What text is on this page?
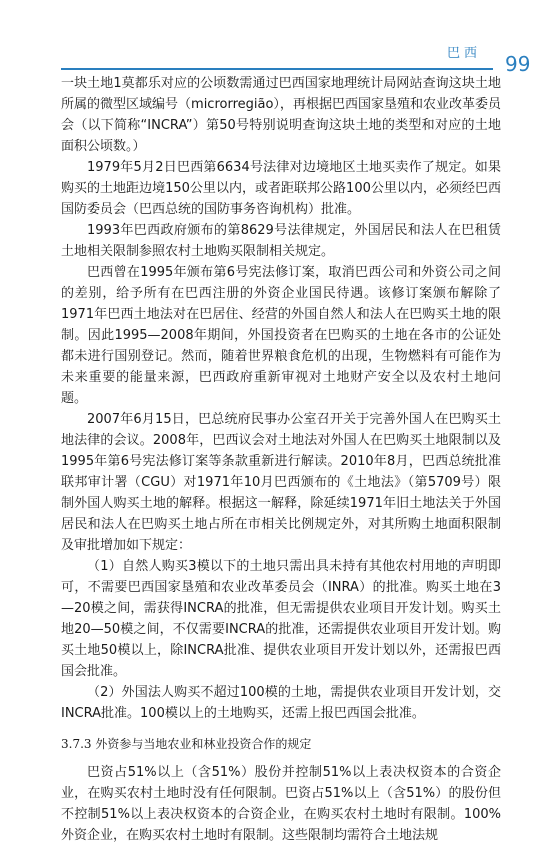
巴西 99

一块土地1莫都乐对应的公顷数需通过巴西国家地理统计局网站查询这块土地所属的微型区域编号（microrregião），再根据巴西国家垦殖和农业改革委员会（以下简称“INCRA”）第50号特别说明查询这块土地的类型和对应的土地面积公顷数。）

1979年5月2日巴西第6634号法律对边境地区土地买卖作了规定。如果购买的土地距边境150公里以内，或者距联邦公路100公里以内，必须经巴西国防委员会（巴西总统的国防事务咨询机构）批准。

1993年巴西政府颁布的第8629号法律规定，外国居民和法人在巴租赁土地相关限制参照农村土地购买限制相关规定。

巴西曾在1995年颁布第6号宪法修订案，取消巴西公司和外资公司之间的差别，给予所有在巴西注册的外资企业国民待遇。该修订案颁布解除了1971年巴西土地法对在巴居住、经营的外国自然人和法人在巴购买土地的限制。因此1995—2008年期间，外国投资者在巴购买的土地在各市的公证处都未进行国别登记。然而，随着世界粮食危机的出现，生物燃料有可能作为未来重要的能量来源，巴西政府重新审视对土地财产安全以及农村土地问题。

2007年6月15日，巴总统府民事办公室召开关于完善外国人在巴购买土地法律的会议。2008年，巴西议会对土地法对外国人在巴购买土地限制以及1995年第6号宪法修订案等条款重新进行解读。2010年8月，巴西总统批准联邦审计署（CGU）对1971年10月巴西颁布的《土地法》（第5709号）限制外国人购买土地的解释。根据这一解释，除延续1971年旧土地法关于外国居民和法人在巴购买土地占所在市相关比例规定外，对其所购土地面积限制及审批增加如下规定：

（1）自然人购买3模以下的土地只需出具未持有其他农村用地的声明即可，不需要巴西国家垦殖和农业改革委员会（INRA）的批准。购买土地在3—20模之间，需获得INCRA的批准，但无需提供农业项目开发计划。购买土地20—50模之间，不仅需要INCRA的批准，还需提供农业项目开发计划。购买土地50模以上，除INCRA批准、提供农业项目开发计划以外，还需报巴西国会批准。

（2）外国法人购买不超过100模的土地，需提供农业项目开发计划，交INCRA批准。100模以上的土地购买，还需上报巴西国会批准。

3.7.3 外资参与当地农业和林业投资合作的规定

巴资占51%以上（含51%）股份并控制51%以上表决权资本的合资企业，在购买农村土地时没有任何限制。巴资占51%以上（含51%）的股份但不控制51%以上表决权资本的合资企业，在购买农村土地时有限制。100%外资企业，在购买农村土地时有限制。这些限制均需符合土地法规
